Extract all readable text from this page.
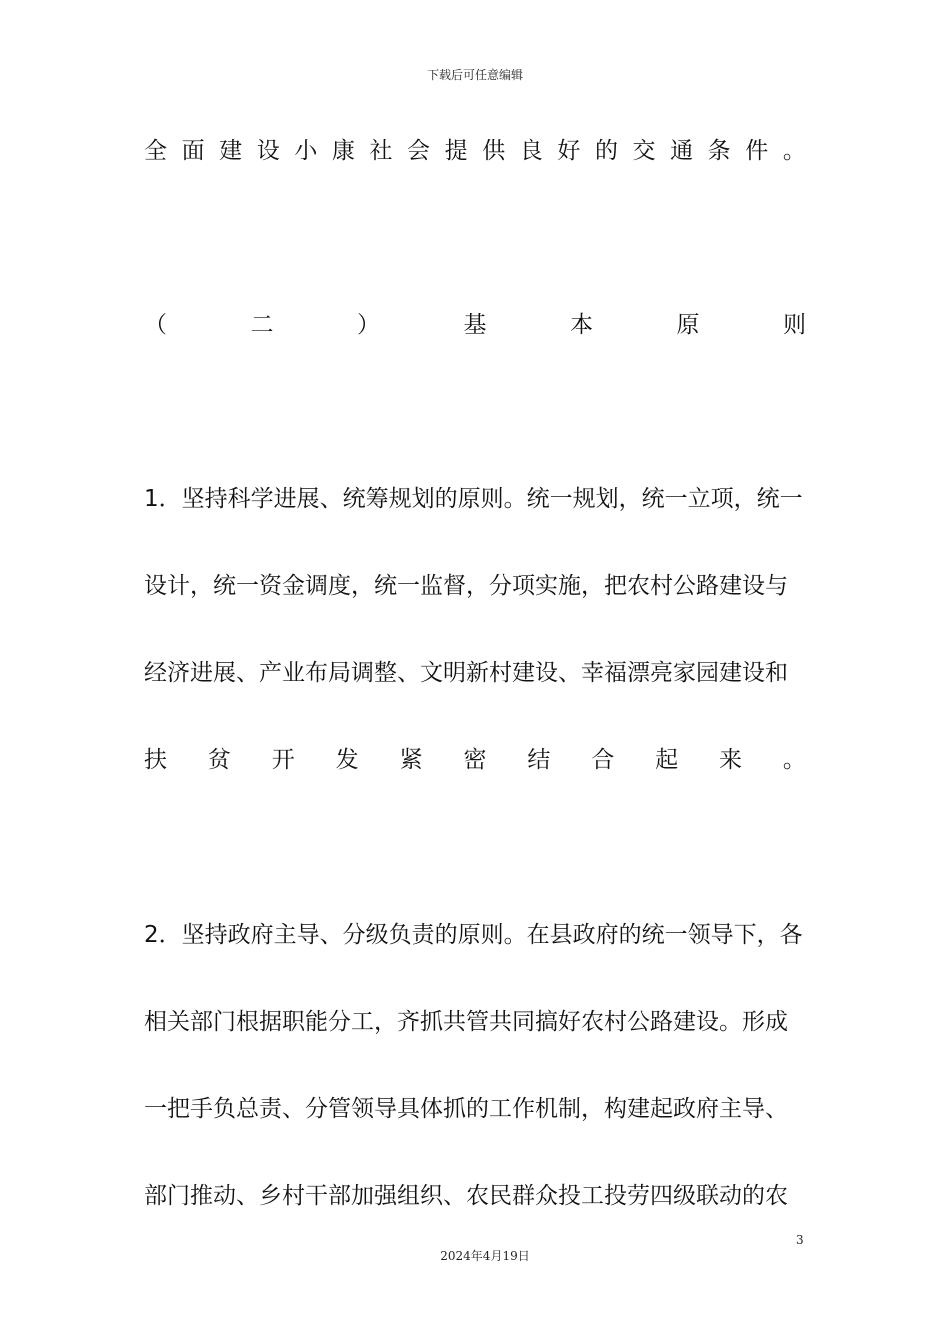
下载后可任意编辑
全 面 建 设 小 康 社 会 提 供 良 好 的 交 通 条 件 。
（	二	）	基	本	原	则
1．坚持科学进展、统筹规划的原则。统一规划，统一立项，统一
设计，统一资金调度，统一监督，分项实施，把农村公路建设与
经济进展、产业布局调整、文明新村建设、幸福漂亮家园建设和
扶 贫 开 发 紧 密 结 合 起 来 。
2．坚持政府主导、分级负责的原则。在县政府的统一领导下，各
相关部门根据职能分工，齐抓共管共同搞好农村公路建设。形成
一把手负总责、分管领导具体抓的工作机制，构建起政府主导、
部门推动、乡村干部加强组织、农民群众投工投劳四级联动的农
3
2024年4月19日
